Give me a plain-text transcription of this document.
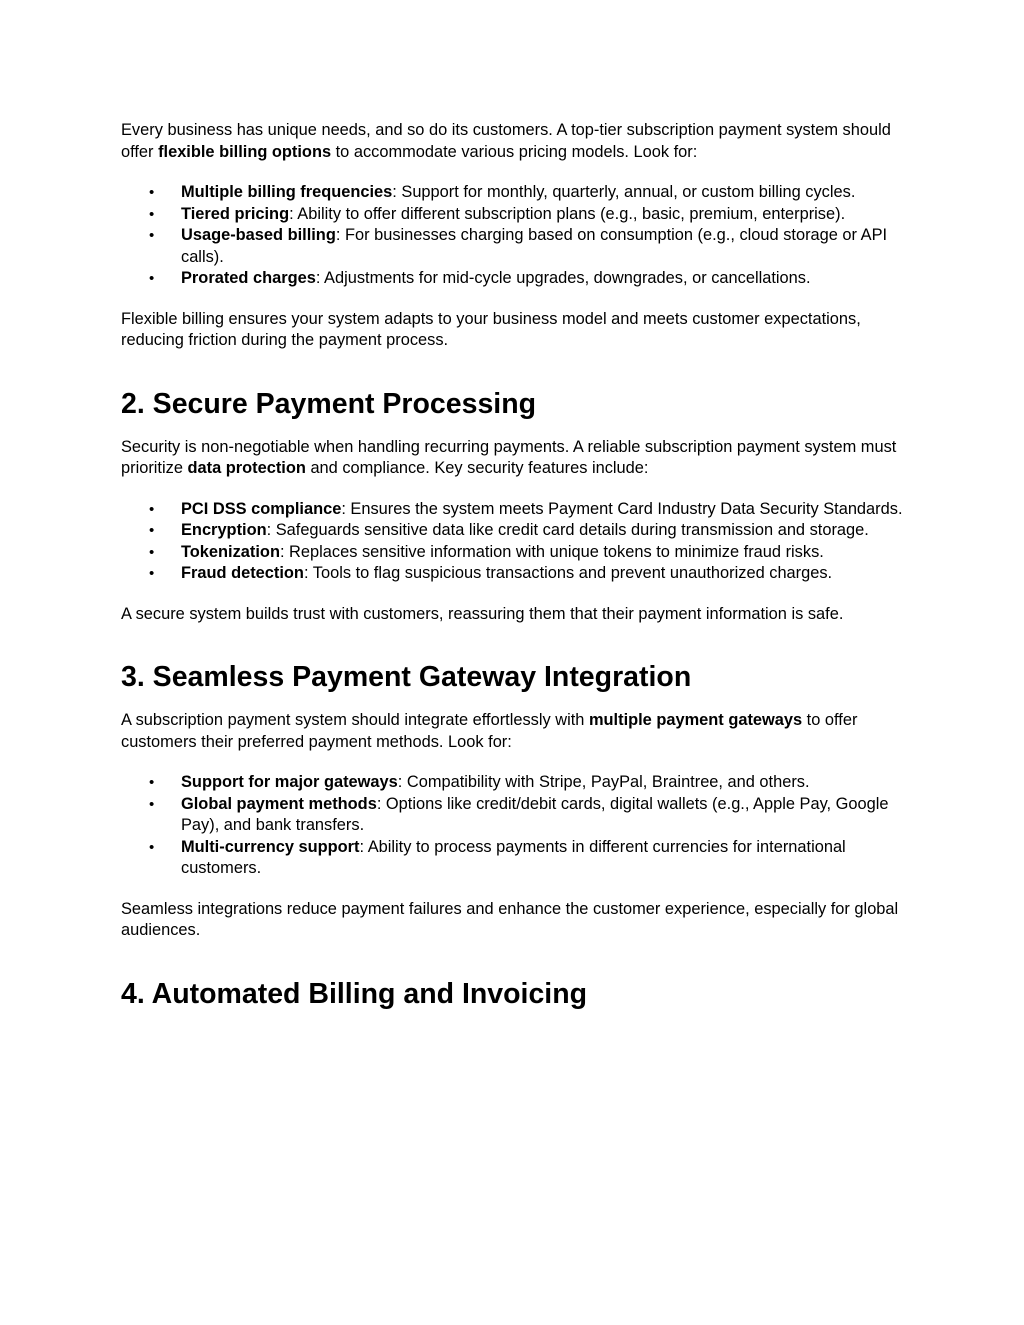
Every business has unique needs, and so do its customers. A top-tier subscription payment system should offer flexible billing options to accommodate various pricing models. Look for:

• Multiple billing frequencies: Support for monthly, quarterly, annual, or custom billing cycles.
• Tiered pricing: Ability to offer different subscription plans (e.g., basic, premium, enterprise).
• Usage-based billing: For businesses charging based on consumption (e.g., cloud storage or API calls).
• Prorated charges: Adjustments for mid-cycle upgrades, downgrades, or cancellations.

Flexible billing ensures your system adapts to your business model and meets customer expectations, reducing friction during the payment process.

2. Secure Payment Processing

Security is non-negotiable when handling recurring payments. A reliable subscription payment system must prioritize data protection and compliance. Key security features include:

• PCI DSS compliance: Ensures the system meets Payment Card Industry Data Security Standards.
• Encryption: Safeguards sensitive data like credit card details during transmission and storage.
• Tokenization: Replaces sensitive information with unique tokens to minimize fraud risks.
• Fraud detection: Tools to flag suspicious transactions and prevent unauthorized charges.

A secure system builds trust with customers, reassuring them that their payment information is safe.

3. Seamless Payment Gateway Integration

A subscription payment system should integrate effortlessly with multiple payment gateways to offer customers their preferred payment methods. Look for:

• Support for major gateways: Compatibility with Stripe, PayPal, Braintree, and others.
• Global payment methods: Options like credit/debit cards, digital wallets (e.g., Apple Pay, Google Pay), and bank transfers.
• Multi-currency support: Ability to process payments in different currencies for international customers.

Seamless integrations reduce payment failures and enhance the customer experience, especially for global audiences.

4. Automated Billing and Invoicing
